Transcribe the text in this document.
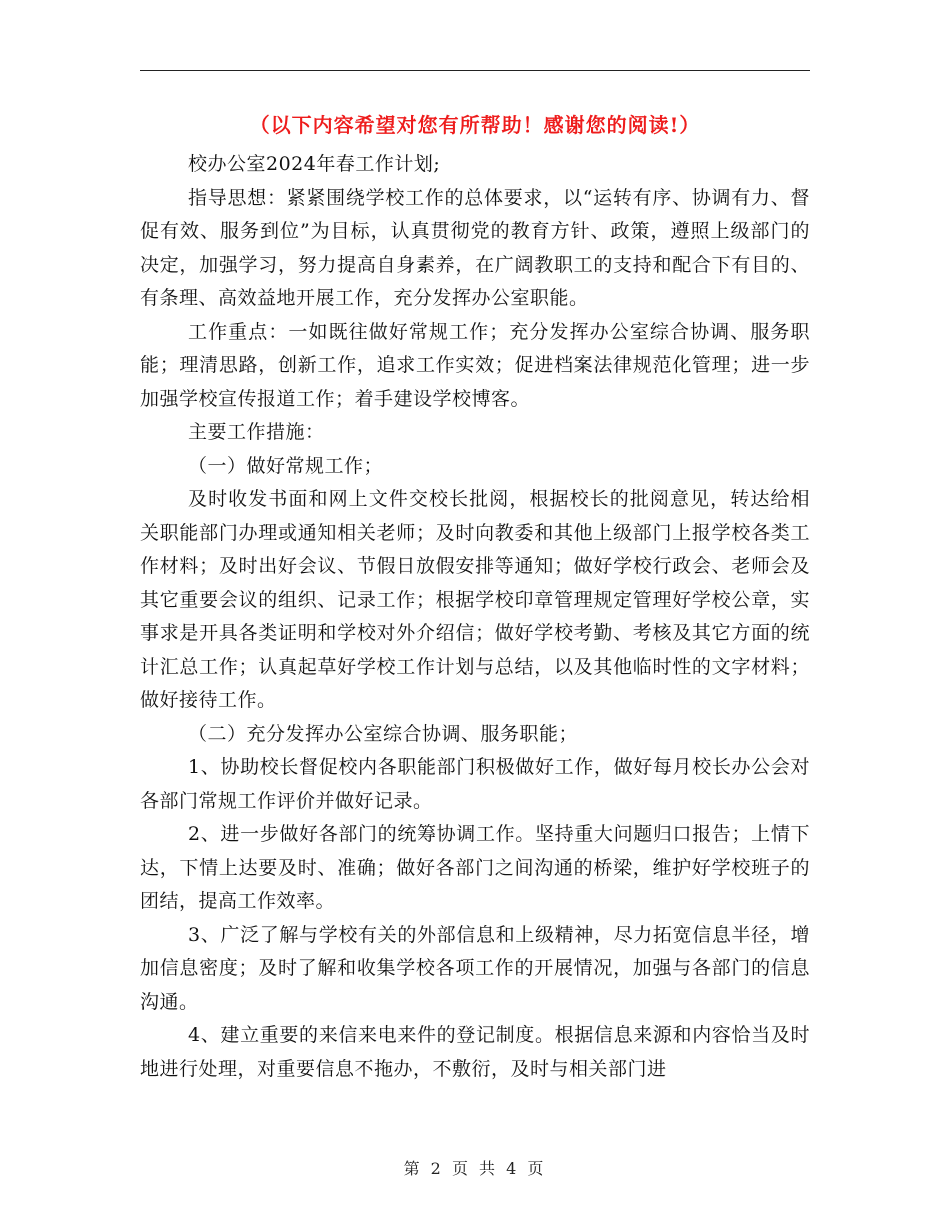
（以下内容希望对您有所帮助！感谢您的阅读!）

校办公室2024年春工作计划;

指导思想：紧紧围绕学校工作的总体要求，以“运转有序、协调有力、督促有效、服务到位”为目标，认真贯彻党的教育方针、政策，遵照上级部门的决定，加强学习，努力提高自身素养，在广阔教职工的支持和配合下有目的、有条理、高效益地开展工作，充分发挥办公室职能。

工作重点：一如既往做好常规工作；充分发挥办公室综合协调、服务职能；理清思路，创新工作，追求工作实效；促进档案法律规范化管理；进一步加强学校宣传报道工作；着手建设学校博客。

主要工作措施：

（一）做好常规工作；

及时收发书面和网上文件交校长批阅，根据校长的批阅意见，转达给相关职能部门办理或通知相关老师；及时向教委和其他上级部门上报学校各类工作材料；及时出好会议、节假日放假安排等通知；做好学校行政会、老师会及其它重要会议的组织、记录工作；根据学校印章管理规定管理好学校公章，实事求是开具各类证明和学校对外介绍信；做好学校考勤、考核及其它方面的统计汇总工作；认真起草好学校工作计划与总结，以及其他临时性的文字材料；做好接待工作。

（二）充分发挥办公室综合协调、服务职能；

1、协助校长督促校内各职能部门积极做好工作，做好每月校长办公会对各部门常规工作评价并做好记录。

2、进一步做好各部门的统筹协调工作。坚持重大问题归口报告；上情下达，下情上达要及时、准确；做好各部门之间沟通的桥梁，维护好学校班子的团结，提高工作效率。

3、广泛了解与学校有关的外部信息和上级精神，尽力拓宽信息半径，增加信息密度；及时了解和收集学校各项工作的开展情况，加强与各部门的信息沟通。

4、建立重要的来信来电来件的登记制度。根据信息来源和内容恰当及时地进行处理，对重要信息不拖办，不敷衍，及时与相关部门进

第 2 页 共 4 页
